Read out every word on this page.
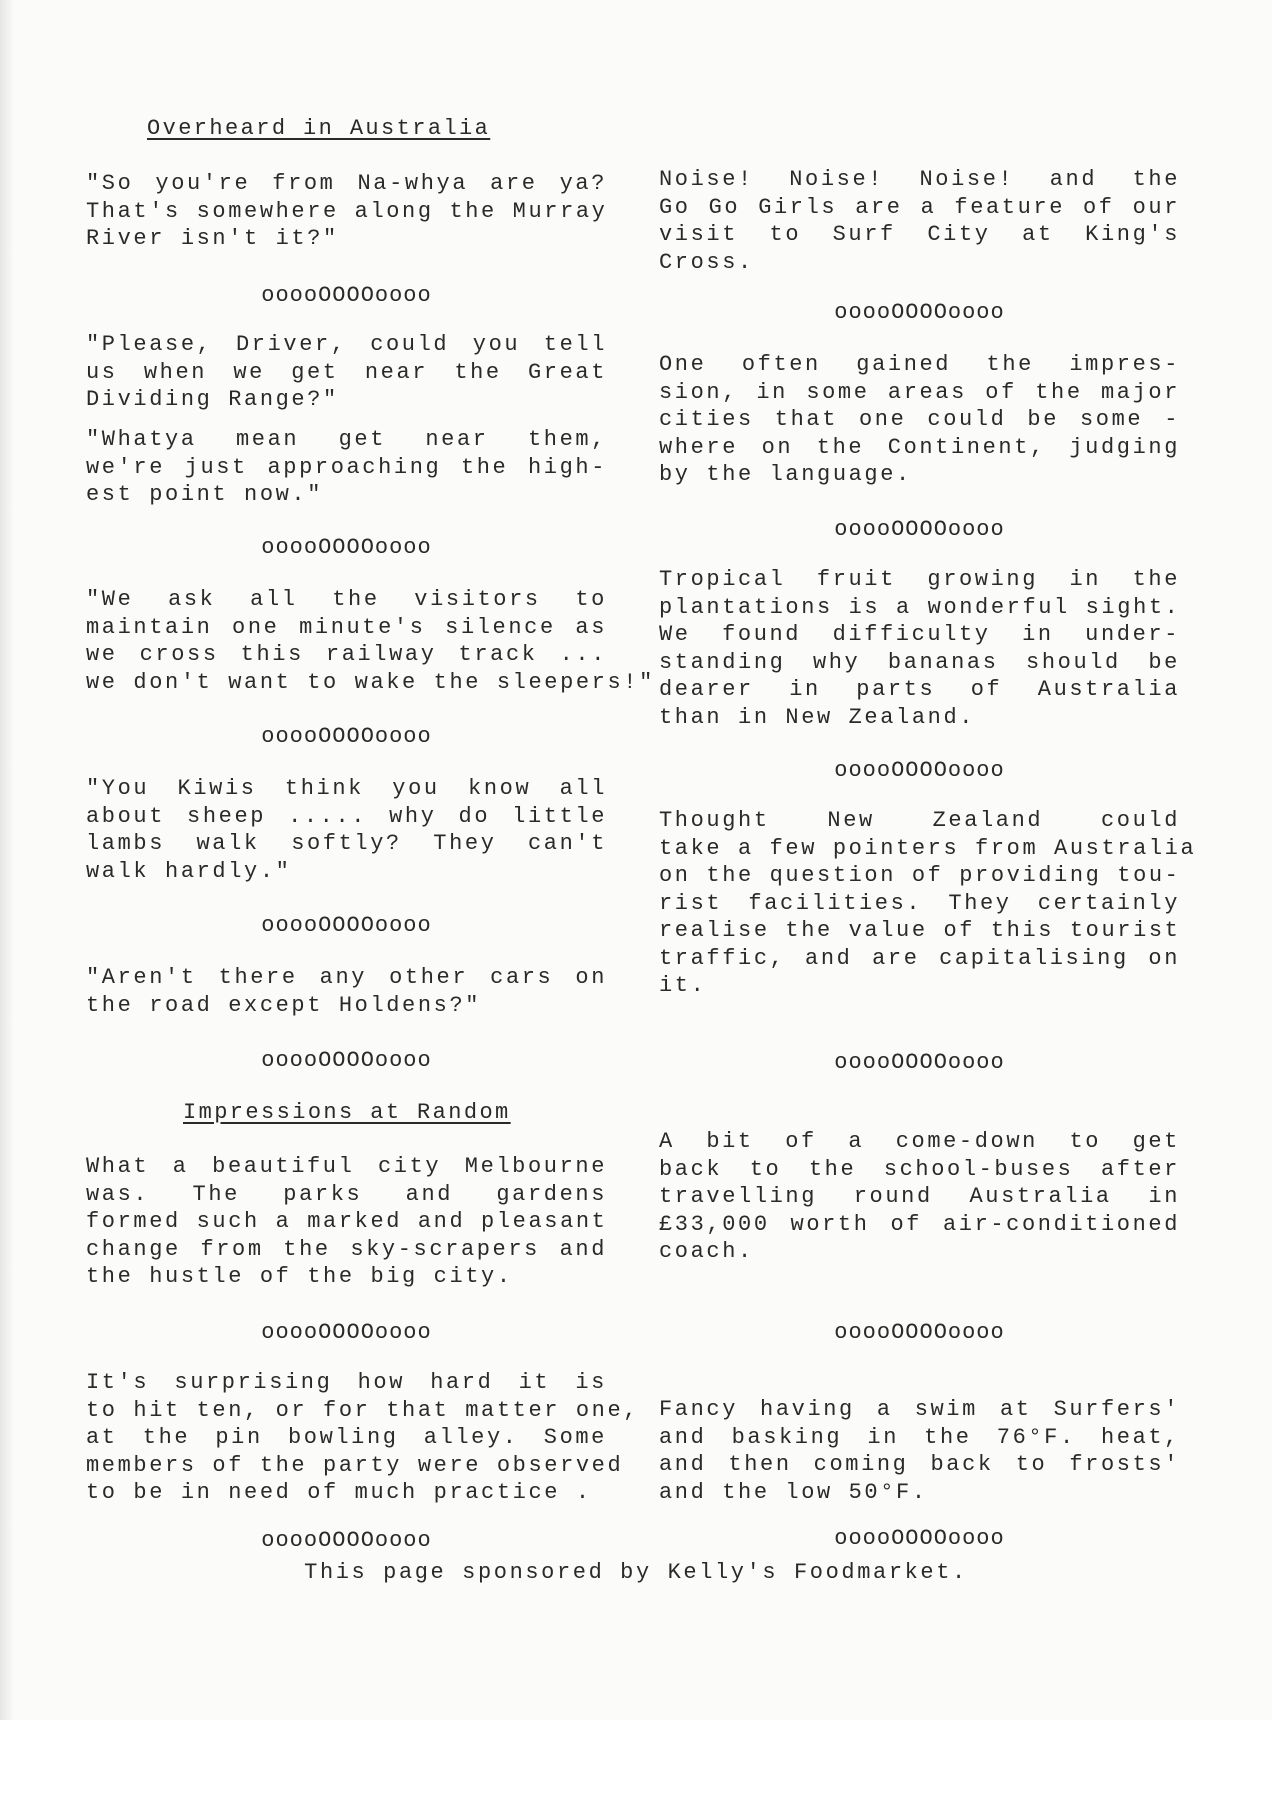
Overheard in Australia
Impressions at Random
"So you're from Na-whya are ya?
That's somewhere along the Murray
River isn't it?"
"Please, Driver, could you tell
us when we get near the Great
Dividing Range?"
"Whatya mean get near them,
we're just approaching the high-
est point now."
"We ask all the visitors to
maintain one minute's silence as
we cross this railway track ...
we don't want to wake the sleepers!"
"You Kiwis think you know all
about sheep ..... why do little
lambs walk softly? They can't
walk hardly."
"Aren't there any other cars on
the road except Holdens?"
What a beautiful city Melbourne
was. The parks and gardens
formed such a marked and pleasant
change from the sky-scrapers and
the hustle of the big city.
It's surprising how hard it is
to hit ten, or for that matter one,
at the pin bowling alley. Some
members of the party were observed
to be in need of much practice .
Noise! Noise! Noise! and the
Go Go Girls are a feature of our
visit to Surf City at King's
Cross.
One often gained the impres-
sion, in some areas of the major
cities that one could be some -
where on the Continent, judging
by the language.
Tropical fruit growing in the
plantations is a wonderful sight.
We found difficulty in under-
standing why bananas should be
dearer in parts of Australia
than in New Zealand.
Thought New Zealand could
take a few pointers from Australia
on the question of providing tou-
rist facilities. They certainly
realise the value of this tourist
traffic, and are capitalising on
it.
A bit of a come-down to get
back to the school-buses after
travelling round Australia in
£33,000 worth of air-conditioned
coach.
Fancy having a swim at Surfers'
and basking in the 76°F. heat,
and then coming back to frosts'
and the low 50°F.
ooooOOOOoooo
ooooOOOOoooo
ooooOOOOoooo
ooooOOOOoooo
ooooOOOOoooo
ooooOOOOoooo
ooooOOOOoooo
ooooOOOOoooo
ooooOOOOoooo
ooooOOOOoooo
ooooOOOOoooo
ooooOOOOoooo
ooooOOOOoooo
This page sponsored by Kelly's Foodmarket.
